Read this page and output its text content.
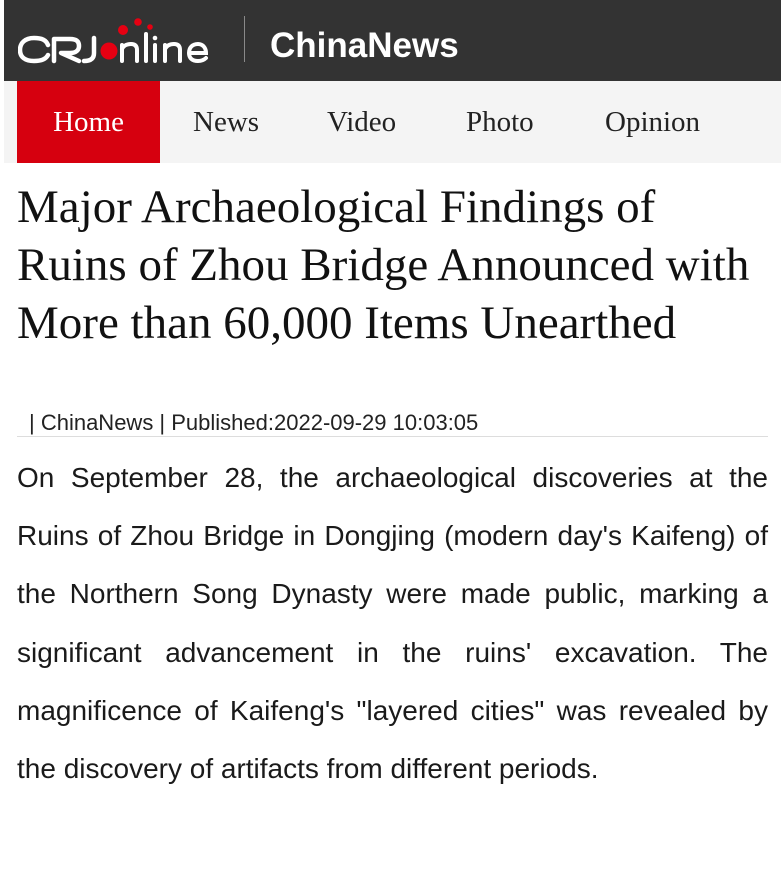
ChinaNews
Home	News Video Photo Opinion
Major Archaeological Findings of Ruins of Zhou Bridge Announced with More than 60,000 Items Unearthed
| ChinaNews | Published:2022-09-29 10:03:05

On September 28, the archaeological discoveries at the Ruins of Zhou Bridge in Dongjing (modern day's Kaifeng) of the Northern Song Dynasty were made public, marking a significant advancement in the ruins' excavation. The magnificence of Kaifeng's "layered cities" was revealed by the discovery of artifacts from different periods.
